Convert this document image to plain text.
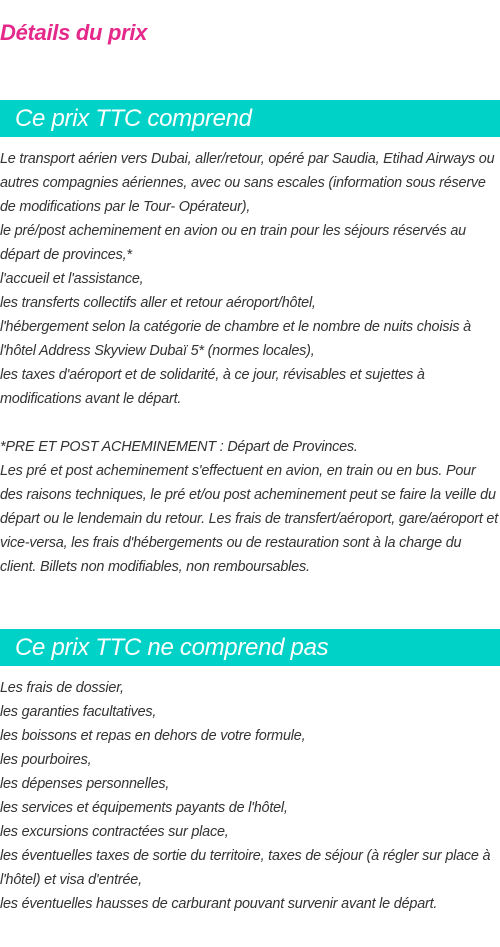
Détails du prix
Ce prix TTC comprend

Le transport aérien vers Dubai, aller/retour, opéré par Saudia, Etihad Airways ou autres compagnies aériennes, avec ou sans escales (information sous réserve de modifications par le Tour- Opérateur),

le pré/post acheminement en avion ou en train pour les séjours réservés au départ de provinces,*

l'accueil et l'assistance,

les transferts collectifs aller et retour aéroport/hôtel,

l'hébergement selon la catégorie de chambre et le nombre de nuits choisis à l'hôtel Address Skyview Dubaï 5* (normes locales),

les taxes d'aéroport et de solidarité, à ce jour, révisables et sujettes à modifications avant le départ.

*PRE ET POST ACHEMINEMENT : Départ de Provinces.

Les pré et post acheminement s'effectuent en avion, en train ou en bus. Pour des raisons techniques, le pré et/ou post acheminement peut se faire la veille du départ ou le lendemain du retour. Les frais de transfert/aéroport, gare/aéroport et vice-versa, les frais d'hébergements ou de restauration sont à la charge du client. Billets non modifiables, non remboursables.

Ce prix TTC ne comprend pas

Les frais de dossier,

les garanties facultatives,

les boissons et repas en dehors de votre formule,

les pourboires,

les dépenses personnelles,

les services et équipements payants de l'hôtel,

les excursions contractées sur place,

les éventuelles taxes de sortie du territoire, taxes de séjour (à régler sur place à l'hôtel) et visa d'entrée,

les éventuelles hausses de carburant pouvant survenir avant le départ.
